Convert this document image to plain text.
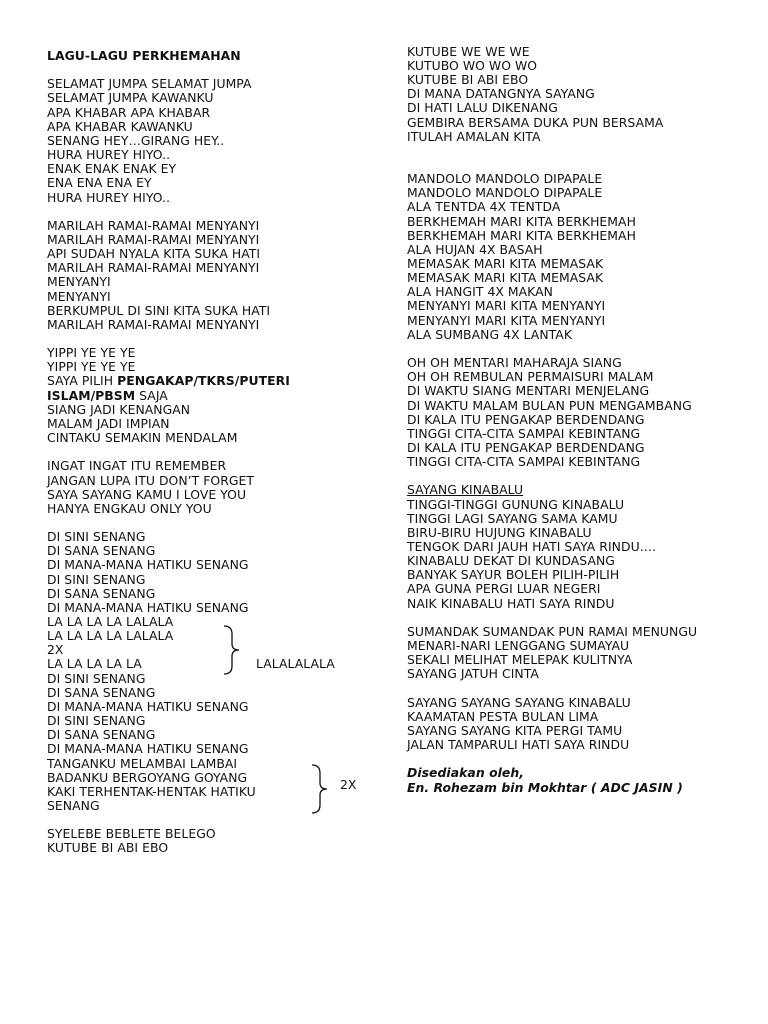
LAGU-LAGU PERKHEMAHAN
SELAMAT JUMPA SELAMAT JUMPA
SELAMAT JUMPA KAWANKU
APA KHABAR APA KHABAR
APA KHABAR KAWANKU
SENANG HEY…GIRANG HEY..
HURA HUREY HIYO..
ENAK ENAK ENAK EY
ENA ENA ENA EY
HURA HUREY HIYO..
MARILAH RAMAI-RAMAI MENYANYI
MARILAH RAMAI-RAMAI MENYANYI
API SUDAH NYALA KITA SUKA HATI
MARILAH RAMAI-RAMAI MENYANYI
MENYANYI
MENYANYI
BERKUMPUL DI SINI KITA SUKA HATI
MARILAH RAMAI-RAMAI MENYANYI
YIPPI YE YE YE
YIPPI YE YE YE
SAYA PILIH PENGAKAP/TKRS/PUTERI
ISLAM/PBSM SAJA
SIANG JADI KENANGAN
MALAM JADI IMPIAN
CINTAKU SEMAKIN MENDALAM
INGAT INGAT ITU REMEMBER
JANGAN LUPA ITU DON’T FORGET
SAYA SAYANG KAMU I LOVE YOU
HANYA ENGKAU ONLY YOU
DI SINI SENANG
DI SANA SENANG
DI MANA-MANA HATIKU SENANG
DI SINI SENANG
DI SANA SENANG
DI MANA-MANA HATIKU SENANG
LA LA LA LA LALALA
LA LA LA LA LALALA
2X
LA LA LA LA LA
DI SINI SENANG
DI SANA SENANG
DI MANA-MANA HATIKU SENANG
DI SINI SENANG
DI SANA SENANG
DI MANA-MANA HATIKU SENANG
TANGANKU MELAMBAI LAMBAI
BADANKU BERGOYANG GOYANG
KAKI TERHENTAK-HENTAK HATIKU
SENANG
SYELEBE BEBLETE BELEGO
KUTUBE BI ABI EBO
LALALALALA
2X
KUTUBE WE WE WE
KUTUBO WO WO WO
KUTUBE BI ABI EBO
DI MANA DATANGNYA SAYANG
DI HATI LALU DIKENANG
GEMBIRA BERSAMA DUKA PUN BERSAMA
ITULAH AMALAN KITA
MANDOLO MANDOLO DIPAPALE
MANDOLO MANDOLO DIPAPALE
ALA TENTDA 4X TENTDA
BERKHEMAH MARI KITA BERKHEMAH
BERKHEMAH MARI KITA BERKHEMAH
ALA HUJAN 4X BASAH
MEMASAK MARI KITA MEMASAK
MEMASAK MARI KITA MEMASAK
ALA HANGIT 4X MAKAN
MENYANYI MARI KITA MENYANYI
MENYANYI MARI KITA MENYANYI
ALA SUMBANG 4X LANTAK
OH OH MENTARI MAHARAJA SIANG
OH OH REMBULAN PERMAISURI MALAM
DI WAKTU SIANG MENTARI MENJELANG
DI WAKTU MALAM BULAN PUN MENGAMBANG
DI KALA ITU PENGAKAP BERDENDANG
TINGGI CITA-CITA SAMPAI KEBINTANG
DI KALA ITU PENGAKAP BERDENDANG
TINGGI CITA-CITA SAMPAI KEBINTANG
SAYANG KINABALU
TINGGI-TINGGI GUNUNG KINABALU
TINGGI LAGI SAYANG SAMA KAMU
BIRU-BIRU HUJUNG KINABALU
TENGOK DARI JAUH HATI SAYA RINDU….
KINABALU DEKAT DI KUNDASANG
BANYAK SAYUR BOLEH PILIH-PILIH
APA GUNA PERGI LUAR NEGERI
NAIK KINABALU HATI SAYA RINDU
SUMANDAK SUMANDAK PUN RAMAI MENUNGU
MENARI-NARI LENGGANG SUMAYAU
SEKALI MELIHAT MELEPAK KULITNYA
SAYANG JATUH CINTA
SAYANG SAYANG SAYANG KINABALU
KAAMATAN PESTA BULAN LIMA
SAYANG SAYANG KITA PERGI TAMU
JALAN TAMPARULI HATI SAYA RINDU
Disediakan oleh,
En. Rohezam bin Mokhtar ( ADC JASIN )
